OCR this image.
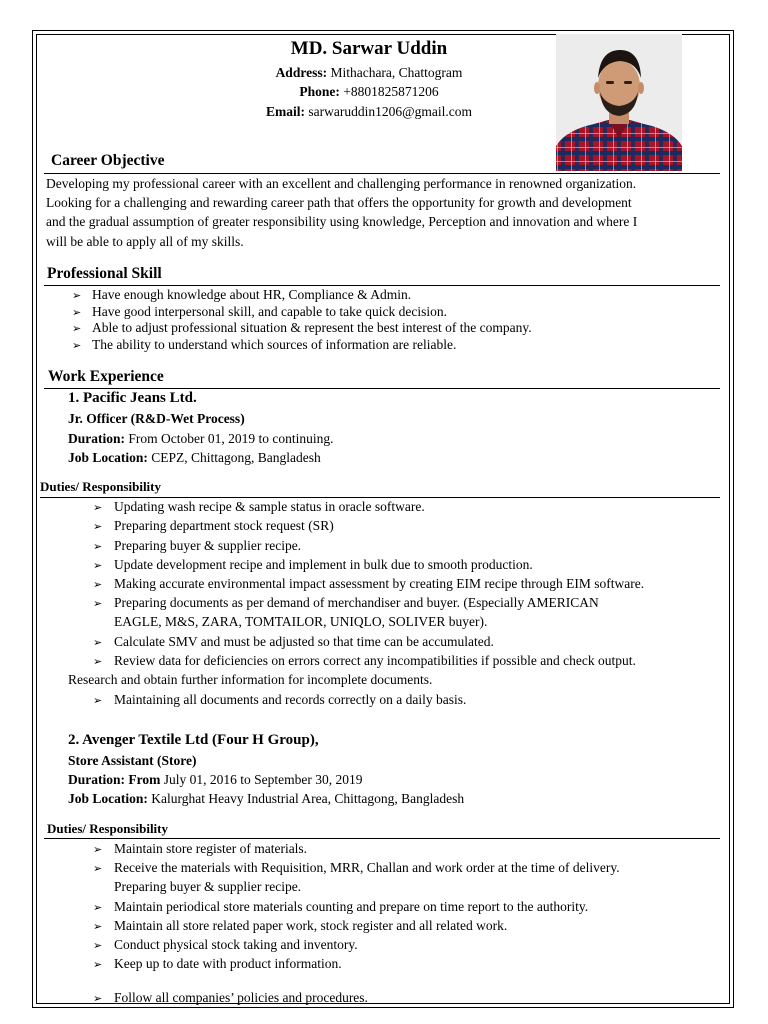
MD. Sarwar Uddin
Address: Mithachara, Chattogram
Phone: +8801825871206
Email: sarwaruddin1206@gmail.com
Career Objective
Developing my professional career with an excellent and challenging performance in renowned organization.
Looking for a challenging and rewarding career path that offers the opportunity for growth and development
and the gradual assumption of greater responsibility using knowledge, Perception and innovation and where I
will be able to apply all of my skills.
Professional Skill
➢ Have enough knowledge about HR, Compliance & Admin.
➢ Have good interpersonal skill, and capable to take quick decision.
➢ Able to adjust professional situation & represent the best interest of the company.
➢ The ability to understand which sources of information are reliable.
Work Experience
1. Pacific Jeans Ltd.
Jr. Officer (R&D-Wet Process)
Duration: From October 01, 2019 to continuing.
Job Location: CEPZ, Chittagong, Bangladesh
Duties/ Responsibility
➢ Updating wash recipe & sample status in oracle software.
➢ Preparing department stock request (SR)
➢ Preparing buyer & supplier recipe.
➢ Update development recipe and implement in bulk due to smooth production.
➢ Making accurate environmental impact assessment by creating EIM recipe through EIM software.
➢ Preparing documents as per demand of merchandiser and buyer. (Especially AMERICAN
EAGLE, M&S, ZARA, TOMTAILOR, UNIQLO, SOLIVER buyer).
➢ Calculate SMV and must be adjusted so that time can be accumulated.
➢ Review data for deficiencies on errors correct any incompatibilities if possible and check output.
Research and obtain further information for incomplete documents.
➢ Maintaining all documents and records correctly on a daily basis.
2. Avenger Textile Ltd (Four H Group),
Store Assistant (Store)
Duration: From July 01, 2016 to September 30, 2019
Job Location: Kalurghat Heavy Industrial Area, Chittagong, Bangladesh
Duties/ Responsibility
➢ Maintain store register of materials.
➢ Receive the materials with Requisition, MRR, Challan and work order at the time of delivery.
Preparing buyer & supplier recipe.
➢ Maintain periodical store materials counting and prepare on time report to the authority.
➢ Maintain all store related paper work, stock register and all related work.
➢ Conduct physical stock taking and inventory.
➢ Keep up to date with product information.
➢ Follow all companies’ policies and procedures.
